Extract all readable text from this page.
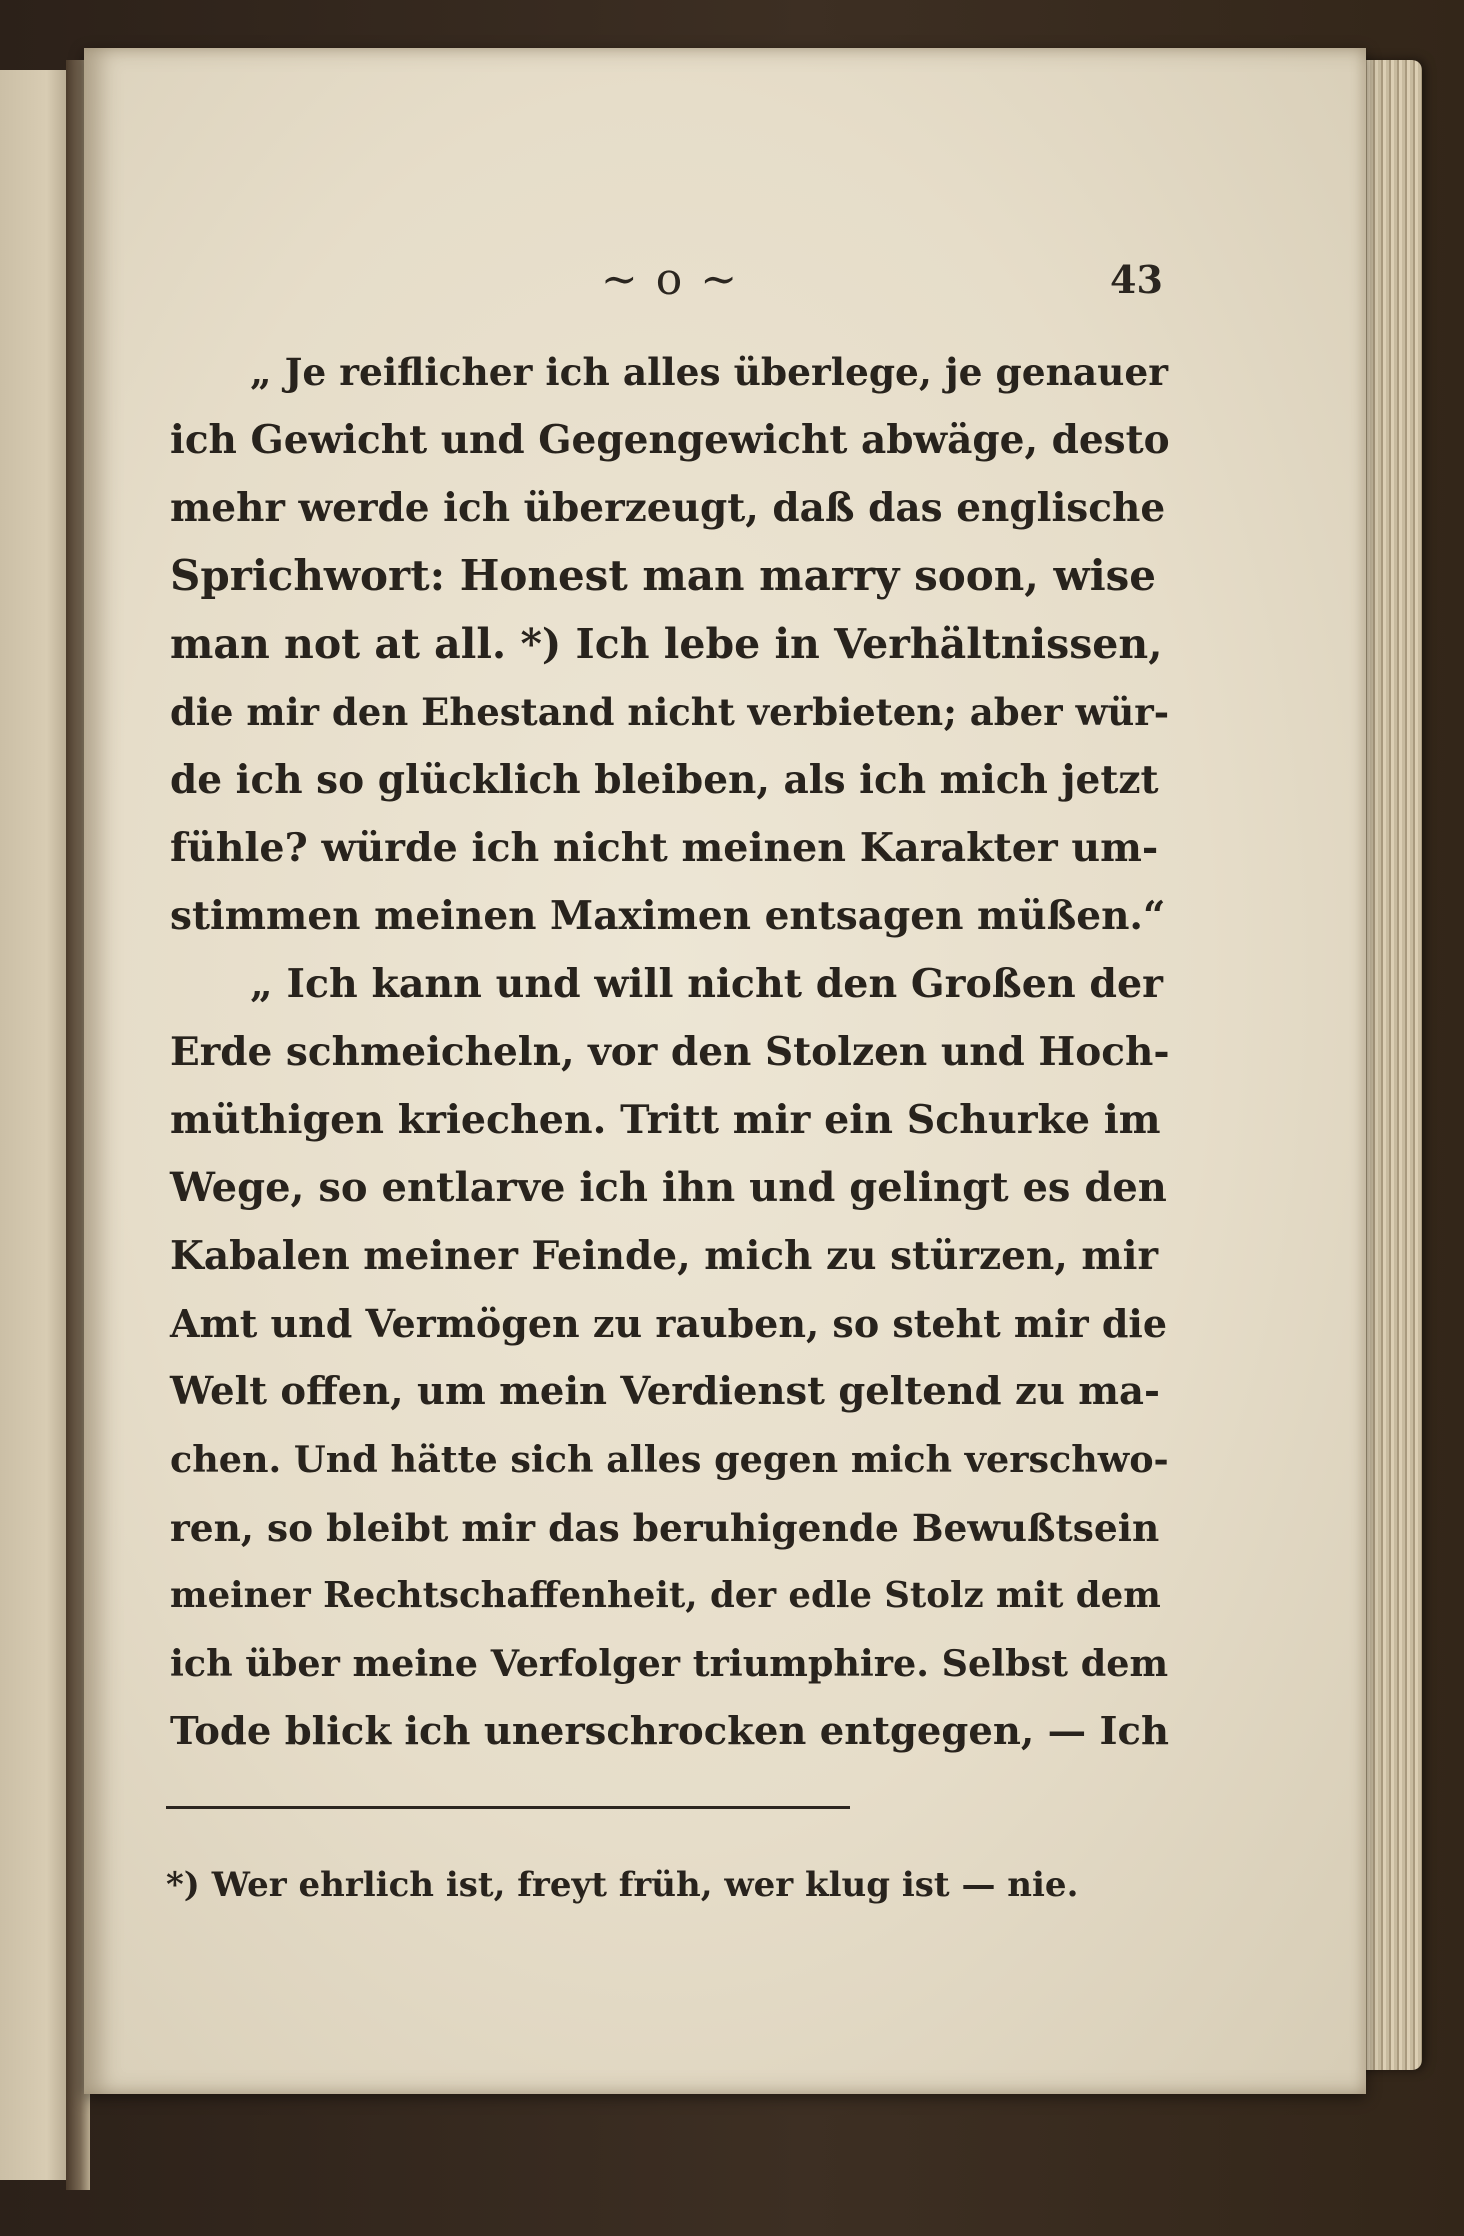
~ o ~	43
„ Je reiflicher ich alles überlege, je genauer
ich Gewicht und Gegengewicht abwäge, desto
mehr werde ich überzeugt, daß das englische
Sprichwort: Honest man marry soon, wise
man not at all. *) Ich lebe in Verhältnissen,
die mir den Ehestand nicht verbieten; aber wür-
de ich so glücklich bleiben, als ich mich jetzt
fühle? würde ich nicht meinen Karakter um-
stimmen meinen Maximen entsagen müßen.“
„ Ich kann und will nicht den Großen der
Erde schmeicheln, vor den Stolzen und Hoch-
müthigen kriechen. Tritt mir ein Schurke im
Wege, so entlarve ich ihn und gelingt es den
Kabalen meiner Feinde, mich zu stürzen, mir
Amt und Vermögen zu rauben, so steht mir die
Welt offen, um mein Verdienst geltend zu ma-
chen. Und hätte sich alles gegen mich verschwo-
ren, so bleibt mir das beruhigende Bewußtsein
meiner Rechtschaffenheit, der edle Stolz mit dem
ich über meine Verfolger triumphire. Selbst dem
Tode blick ich unerschrocken entgegen, — Ich
*) Wer ehrlich ist, freyt früh, wer klug ist — nie.
